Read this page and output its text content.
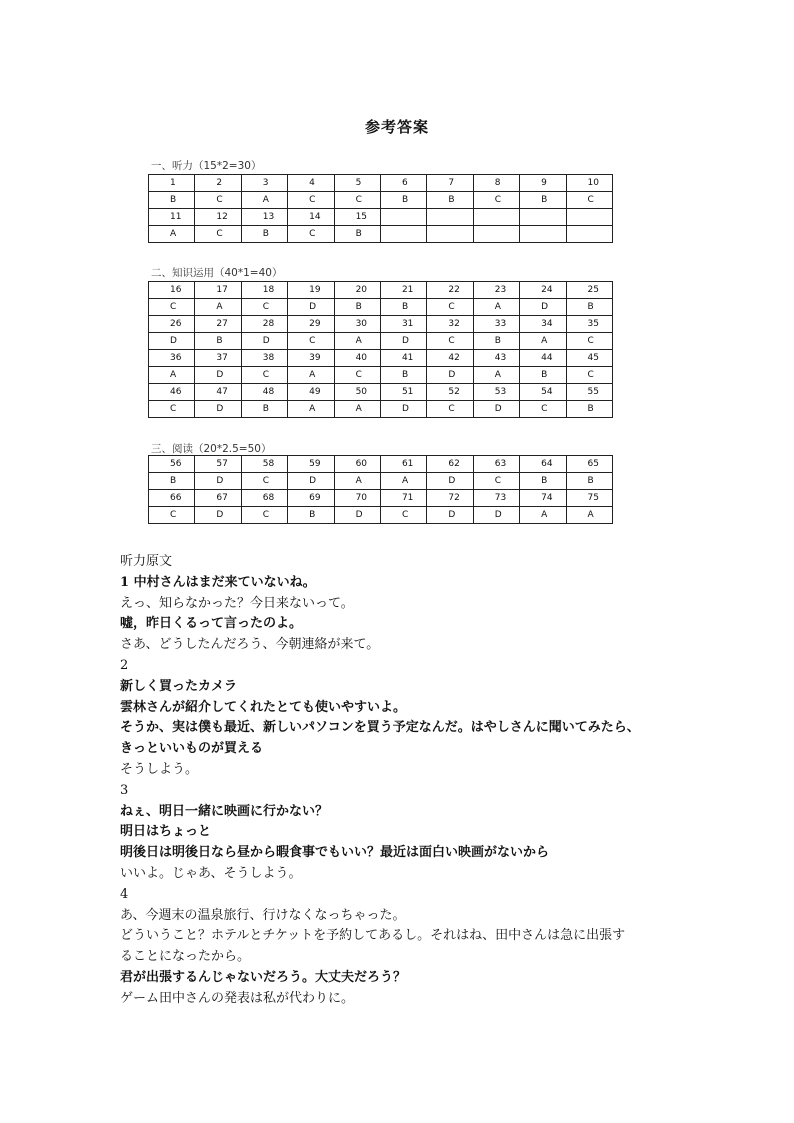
参考答案
一、听力（15*2=30）
1	2	3	4	5	6	7	8	9	10
B	C	A	C	C	B	B	C	B	C
11	12	13	14	15					
A	C	B	C	B					
二、知识运用（40*1=40）
16	17	18	19	20	21	22	23	24	25
C	A	C	D	B	B	C	A	D	B
26	27	28	29	30	31	32	33	34	35
D	B	D	C	A	D	C	B	A	C
36	37	38	39	40	41	42	43	44	45
A	D	C	A	C	B	D	A	B	C
46	47	48	49	50	51	52	53	54	55
C	D	B	A	A	D	C	D	C	B
三、阅读（20*2.5=50）
56	57	58	59	60	61	62	63	64	65
B	D	C	D	A	A	D	C	B	B
66	67	68	69	70	71	72	73	74	75
C	D	C	B	D	C	D	D	A	A
听力原文
1 中村さんはまだ来ていないね。
えっ、知らなかった？今日来ないって。
嘘，昨日くるって言ったのよ。
さあ、どうしたんだろう、今朝連絡が来て。
2
新しく買ったカメラ
雲林さんが紹介してくれたとても使いやすいよ。
そうか、実は僕も最近、新しいパソコンを買う予定なんだ。はやしさんに聞いてみたら、
きっといいものが買える
そうしよう。
3
ねぇ、明日一緒に映画に行かない？
明日はちょっと
明後日は明後日なら昼から暇食事でもいい？最近は面白い映画がないから
いいよ。じゃあ、そうしよう。
4
あ、今週末の温泉旅行、行けなくなっちゃった。
どういうこと？ホテルとチケットを予約してあるし。それはね、田中さんは急に出張す
ることになったから。
君が出張するんじゃないだろう。大丈夫だろう？
ゲーム田中さんの発表は私が代わりに。
